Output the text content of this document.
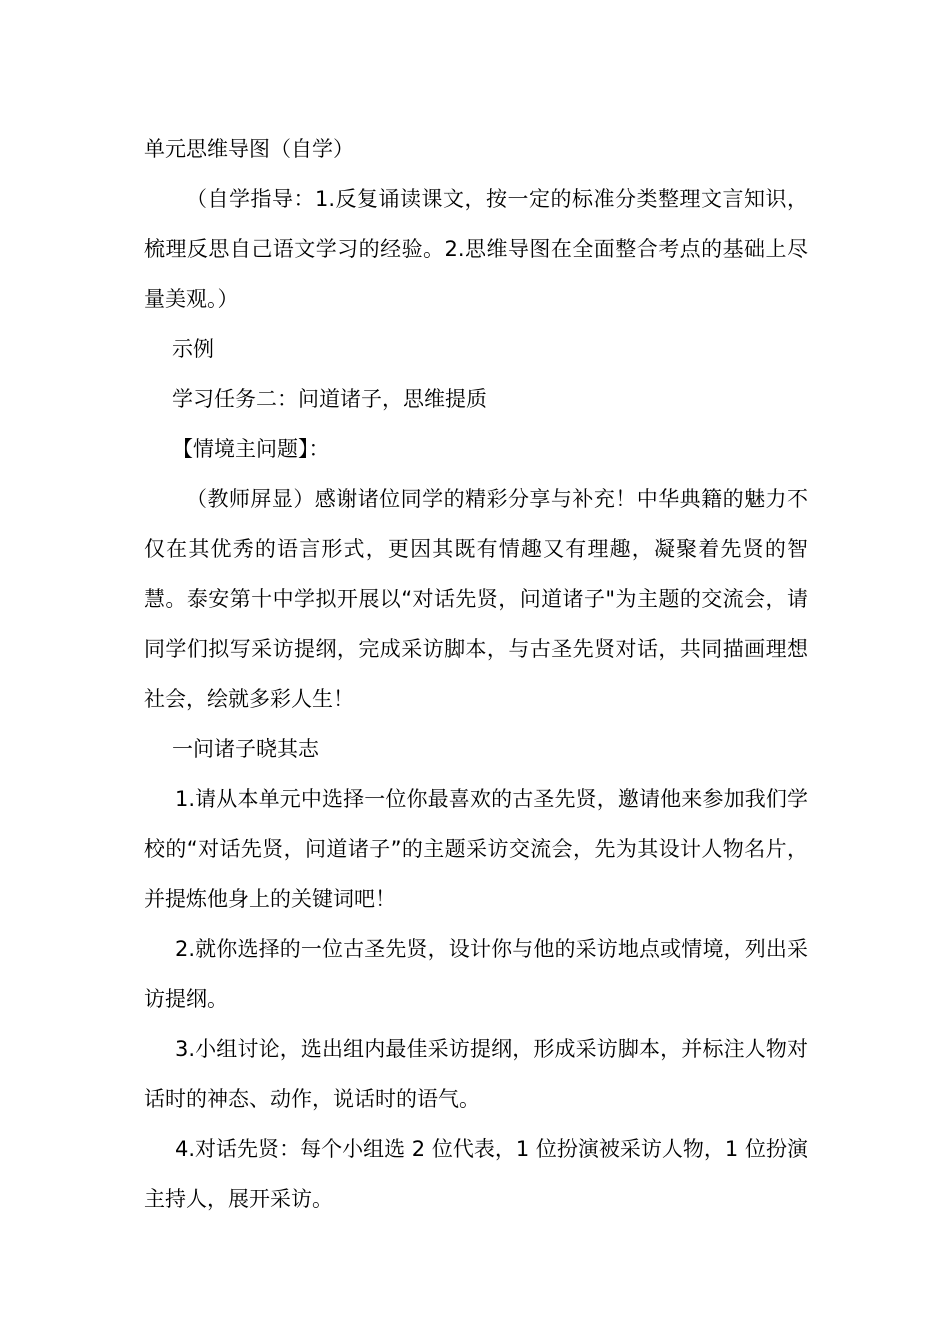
单元思维导图（自学）

（自学指导：1.反复诵读课文，按一定的标准分类整理文言知识，梳理反思自己语文学习的经验。2.思维导图在全面整合考点的基础上尽量美观。）

示例

学习任务二：问道诸子，思维提质

【情境主问题】：

（教师屏显）感谢诸位同学的精彩分享与补充！中华典籍的魅力不仅在其优秀的语言形式，更因其既有情趣又有理趣，凝聚着先贤的智慧。泰安第十中学拟开展以“对话先贤，问道诸子"为主题的交流会，请同学们拟写采访提纲，完成采访脚本，与古圣先贤对话，共同描画理想社会，绘就多彩人生！

一问诸子晓其志

1.请从本单元中选择一位你最喜欢的古圣先贤，邀请他来参加我们学校的“对话先贤，问道诸子”的主题采访交流会，先为其设计人物名片，并提炼他身上的关键词吧！

2.就你选择的一位古圣先贤，设计你与他的采访地点或情境，列出采访提纲。

3.小组讨论，选出组内最佳采访提纲，形成采访脚本，并标注人物对话时的神态、动作，说话时的语气。

4.对话先贤：每个小组选 2 位代表，1 位扮演被采访人物，1 位扮演主持人，展开采访。
